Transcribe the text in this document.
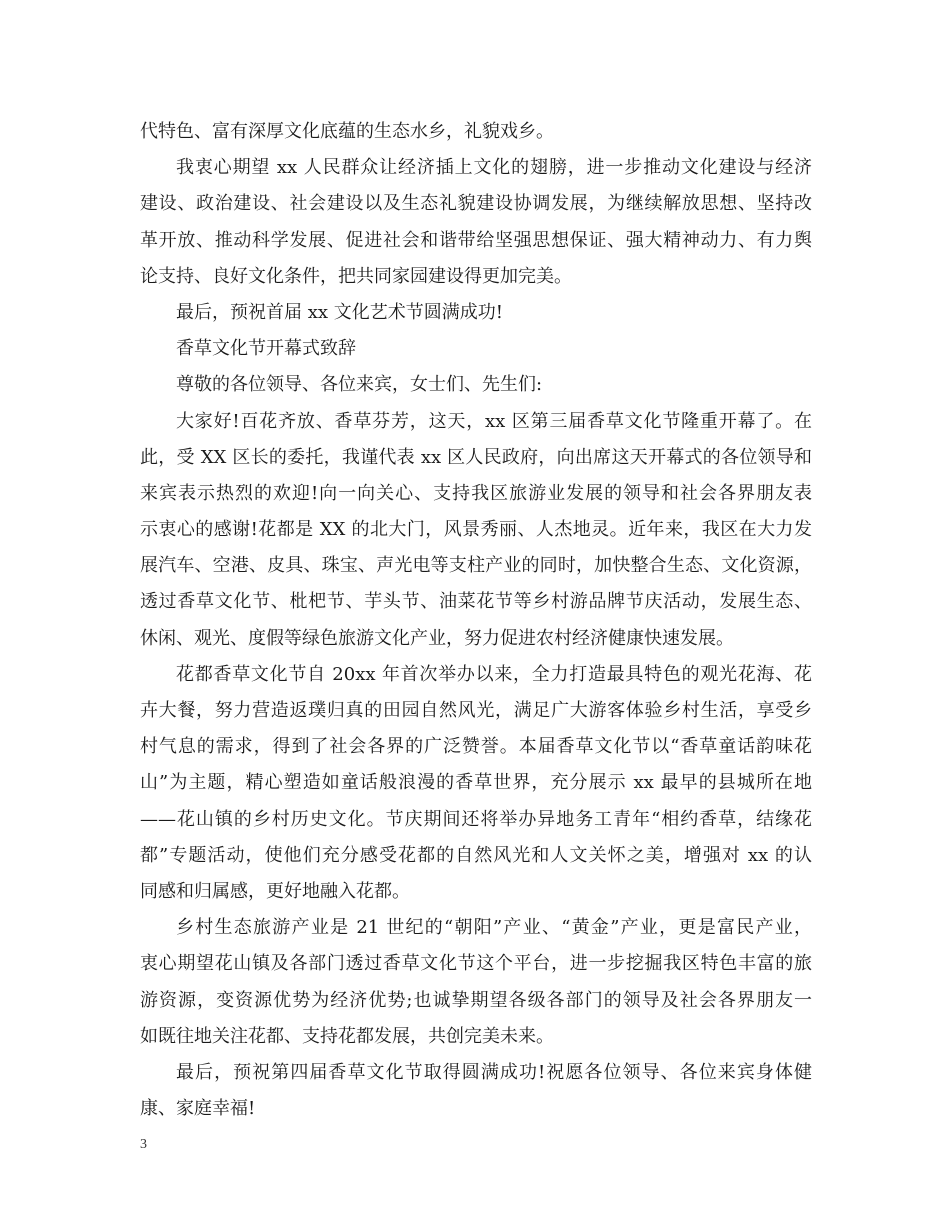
代特色、富有深厚文化底蕴的生态水乡，礼貌戏乡。
我衷心期望 xx 人民群众让经济插上文化的翅膀，进一步推动文化建设与经济
建设、政治建设、社会建设以及生态礼貌建设协调发展，为继续解放思想、坚持改
革开放、推动科学发展、促进社会和谐带给坚强思想保证、强大精神动力、有力舆
论支持、良好文化条件，把共同家园建设得更加完美。
最后，预祝首届 xx 文化艺术节圆满成功!
香草文化节开幕式致辞
尊敬的各位领导、各位来宾，女士们、先生们:
大家好!百花齐放、香草芬芳，这天，xx 区第三届香草文化节隆重开幕了。在
此，受 XX 区长的委托，我谨代表 xx 区人民政府，向出席这天开幕式的各位领导和
来宾表示热烈的欢迎!向一向关心、支持我区旅游业发展的领导和社会各界朋友表
示衷心的感谢!花都是 XX 的北大门，风景秀丽、人杰地灵。近年来，我区在大力发
展汽车、空港、皮具、珠宝、声光电等支柱产业的同时，加快整合生态、文化资源，
透过香草文化节、枇杷节、芋头节、油菜花节等乡村游品牌节庆活动，发展生态、
休闲、观光、度假等绿色旅游文化产业，努力促进农村经济健康快速发展。
花都香草文化节自 20xx 年首次举办以来，全力打造最具特色的观光花海、花
卉大餐，努力营造返璞归真的田园自然风光，满足广大游客体验乡村生活，享受乡
村气息的需求，得到了社会各界的广泛赞誉。本届香草文化节以“香草童话韵味花
山”为主题，精心塑造如童话般浪漫的香草世界，充分展示 xx 最早的县城所在地
——花山镇的乡村历史文化。节庆期间还将举办异地务工青年“相约香草，结缘花
都”专题活动，使他们充分感受花都的自然风光和人文关怀之美，增强对 xx 的认
同感和归属感，更好地融入花都。
乡村生态旅游产业是 21 世纪的“朝阳”产业、“黄金”产业，更是富民产业，
衷心期望花山镇及各部门透过香草文化节这个平台，进一步挖掘我区特色丰富的旅
游资源，变资源优势为经济优势;也诚挚期望各级各部门的领导及社会各界朋友一
如既往地关注花都、支持花都发展，共创完美未来。
最后，预祝第四届香草文化节取得圆满成功!祝愿各位领导、各位来宾身体健
康、家庭幸福!
3
